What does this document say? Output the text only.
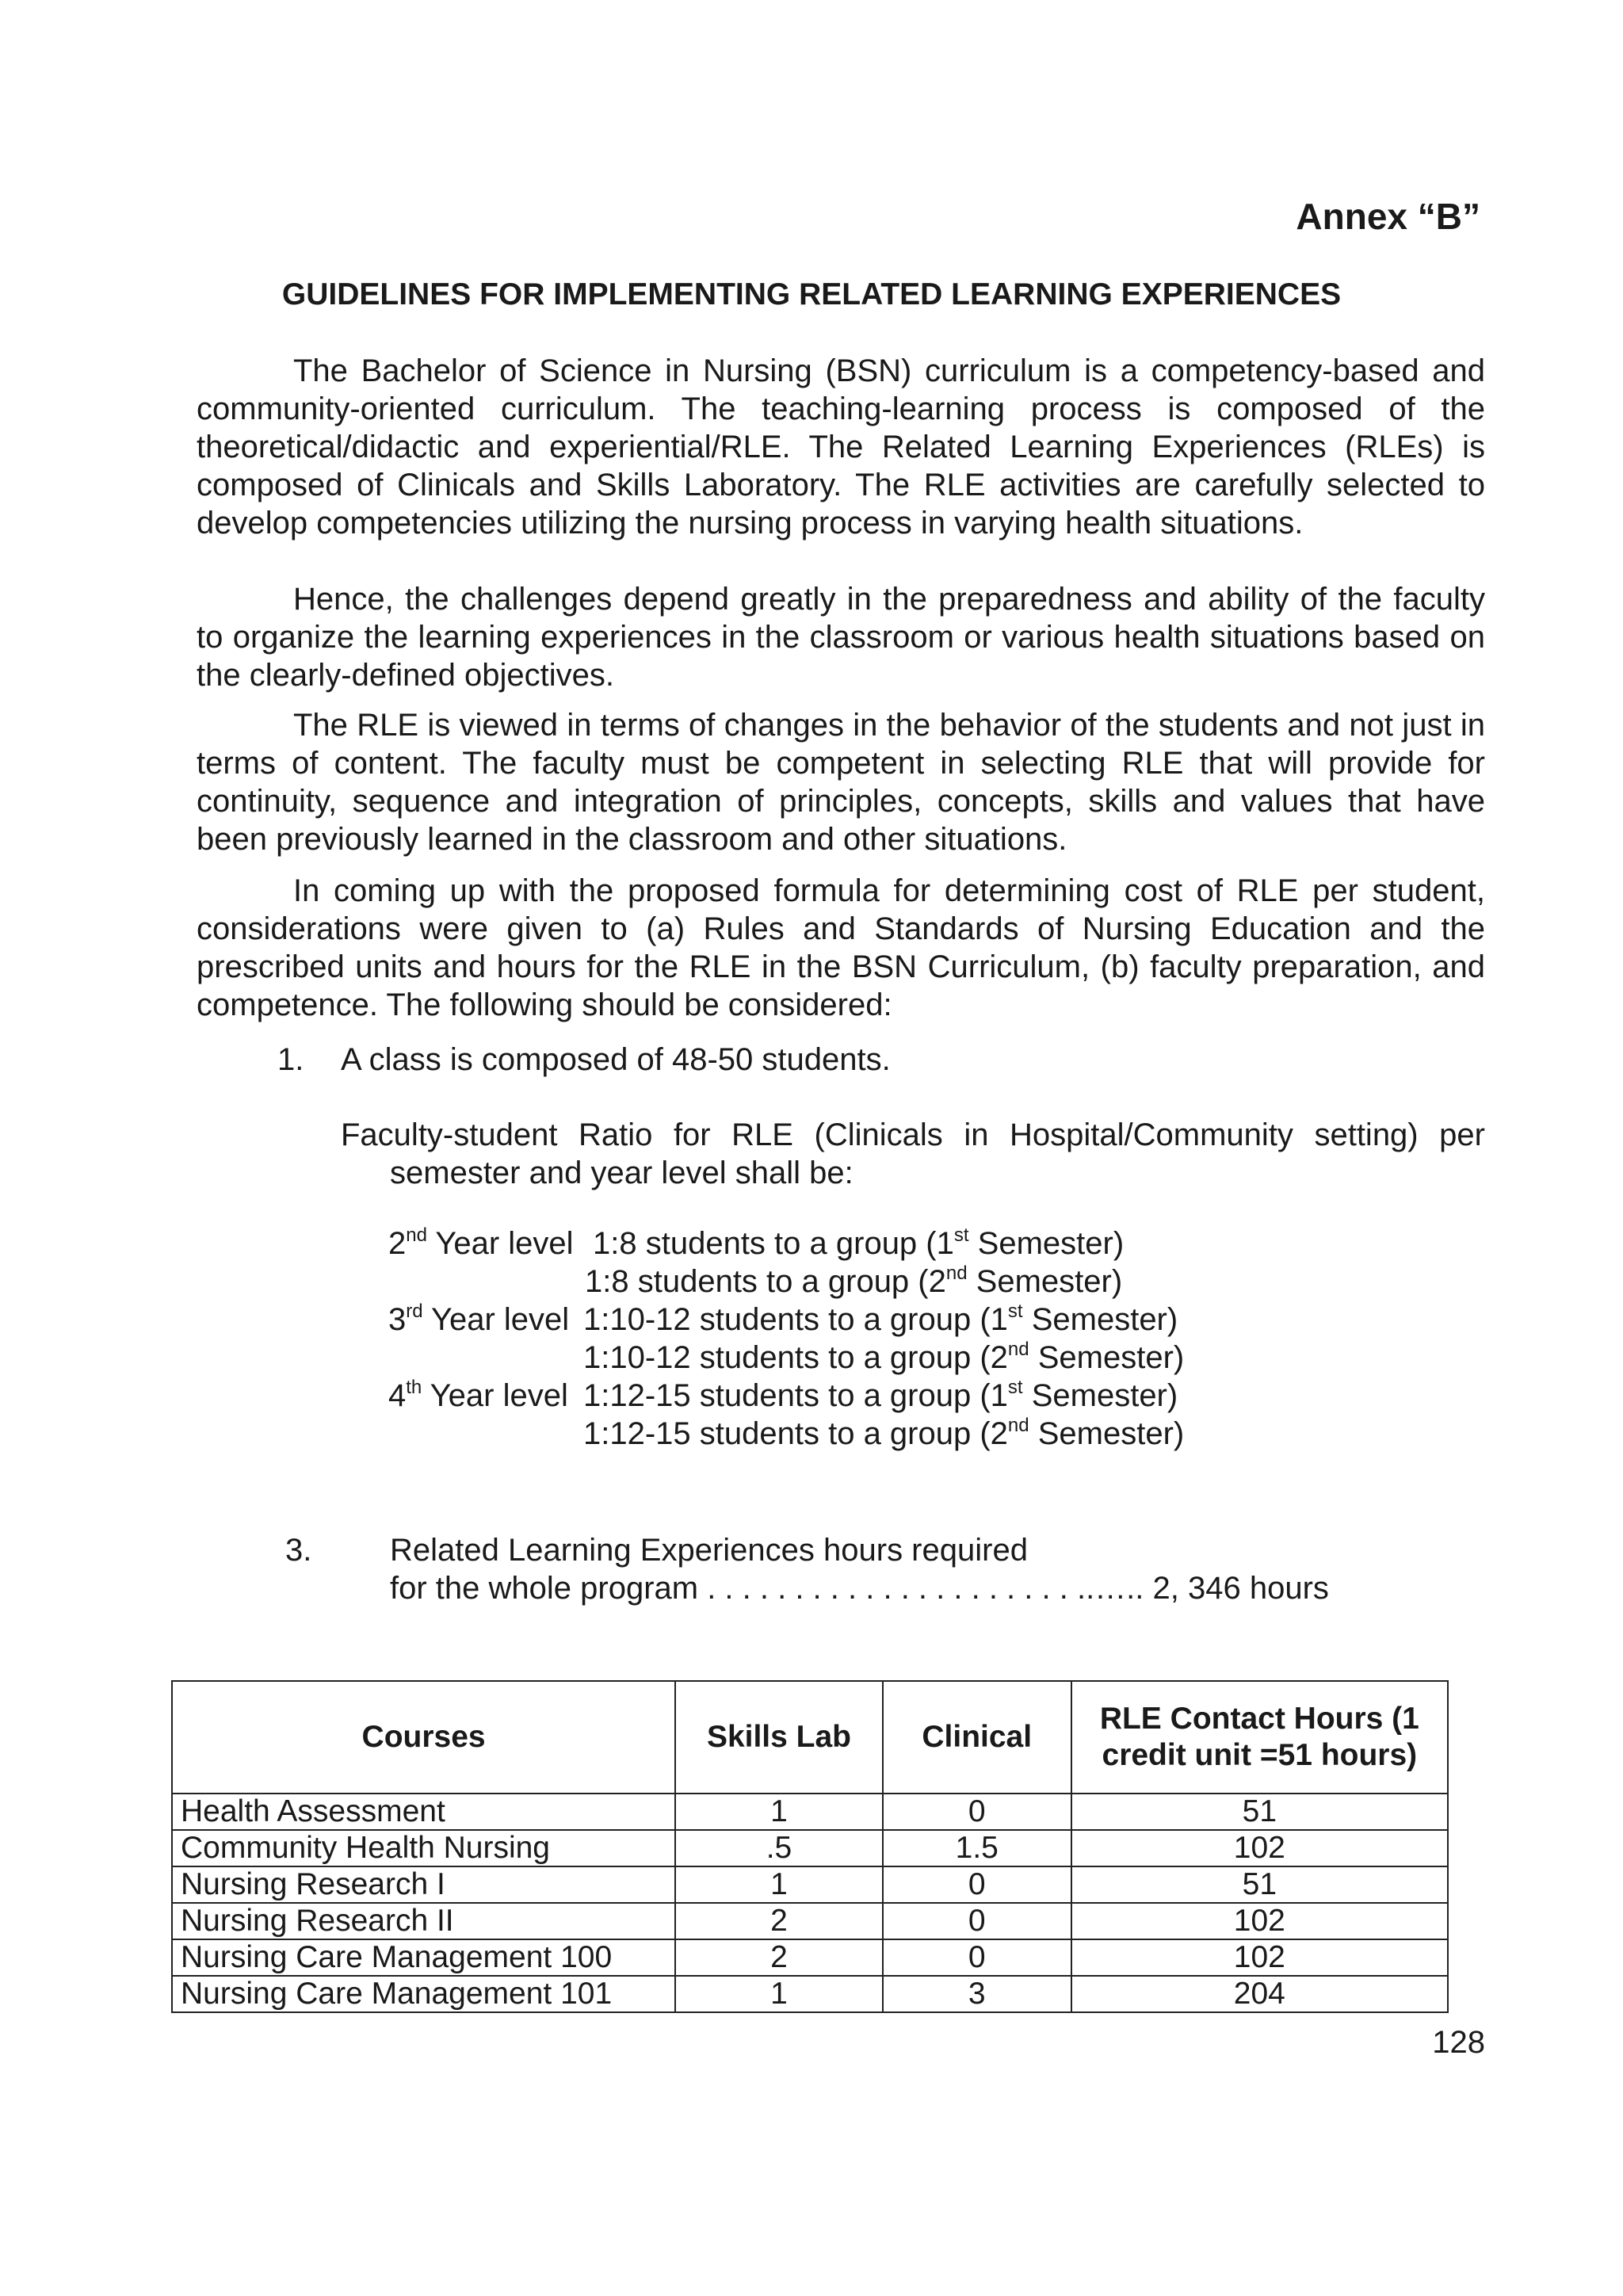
Annex “B”
GUIDELINES FOR IMPLEMENTING RELATED LEARNING EXPERIENCES

The Bachelor of Science in Nursing (BSN) curriculum is a competency-based and community-oriented curriculum. The teaching-learning process is composed of the theoretical/didactic and experiential/RLE. The Related Learning Experiences (RLEs) is composed of Clinicals and Skills Laboratory. The RLE activities are carefully selected to develop competencies utilizing the nursing process in varying health situations.

Hence, the challenges depend greatly in the preparedness and ability of the faculty to organize the learning experiences in the classroom or various health situations based on the clearly-defined objectives.

The RLE is viewed in terms of changes in the behavior of the students and not just in terms of content. The faculty must be competent in selecting RLE that will provide for continuity, sequence and integration of principles, concepts, skills and values that have been previously learned in the classroom and other situations.

In coming up with the proposed formula for determining cost of RLE per student, considerations were given to (a) Rules and Standards of Nursing Education and the prescribed units and hours for the RLE in the BSN Curriculum, (b) faculty preparation, and competence. The following should be considered:

1. A class is composed of 48-50 students.
Faculty-student Ratio for RLE (Clinicals in Hospital/Community setting) per
semester and year level shall be:
2nd Year level 1:8 students to a group (1st Semester)
1:8 students to a group (2nd Semester)
3rd Year level 1:10-12 students to a group (1st Semester)
1:10-12 students to a group (2nd Semester)
4th Year level 1:12-15 students to a group (1st Semester)
1:12-15 students to a group (2nd Semester)
3. Related Learning Experiences hours required
for the whole program . . . . . . . . . . . . . . . . . . . . . ..….. 2, 346 hours
Courses	Skills Lab	Clinical	RLE Contact Hours (1 credit unit =51 hours)
Health Assessment	1	0	51
Community Health Nursing	.5	1.5	102
Nursing Research I	1	0	51
Nursing Research II	2	0	102
Nursing Care Management 100	2	0	102
Nursing Care Management 101	1	3	204
128
